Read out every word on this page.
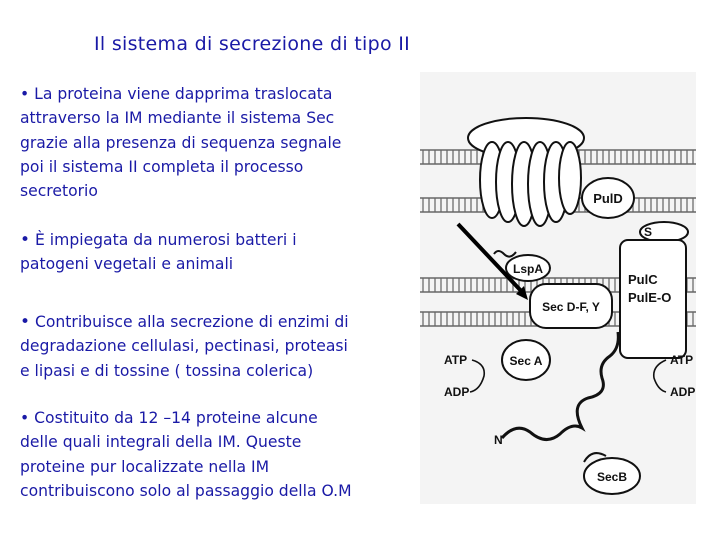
Il sistema di secrezione di tipo II
• La proteina viene dapprima traslocata
attraverso la IM mediante il sistema Sec
grazie alla presenza di sequenza segnale
poi il sistema II completa il processo
secretorio
• È impiegata da numerosi batteri i
patogeni vegetali e animali
• Contribuisce alla secrezione di enzimi di
degradazione cellulasi, pectinasi, proteasi
e lipasi e di tossine ( tossina colerica)
• Costituito da 12 –14 proteine alcune
delle quali integrali della IM. Queste
proteine pur localizzate nella IM
contribuiscono solo al passaggio della O.M
PulD
S
PulC
PulE-O
LspA
Sec D-F, Y
Sec A
ATP
ADP
ATP
ADP
N
SecB
